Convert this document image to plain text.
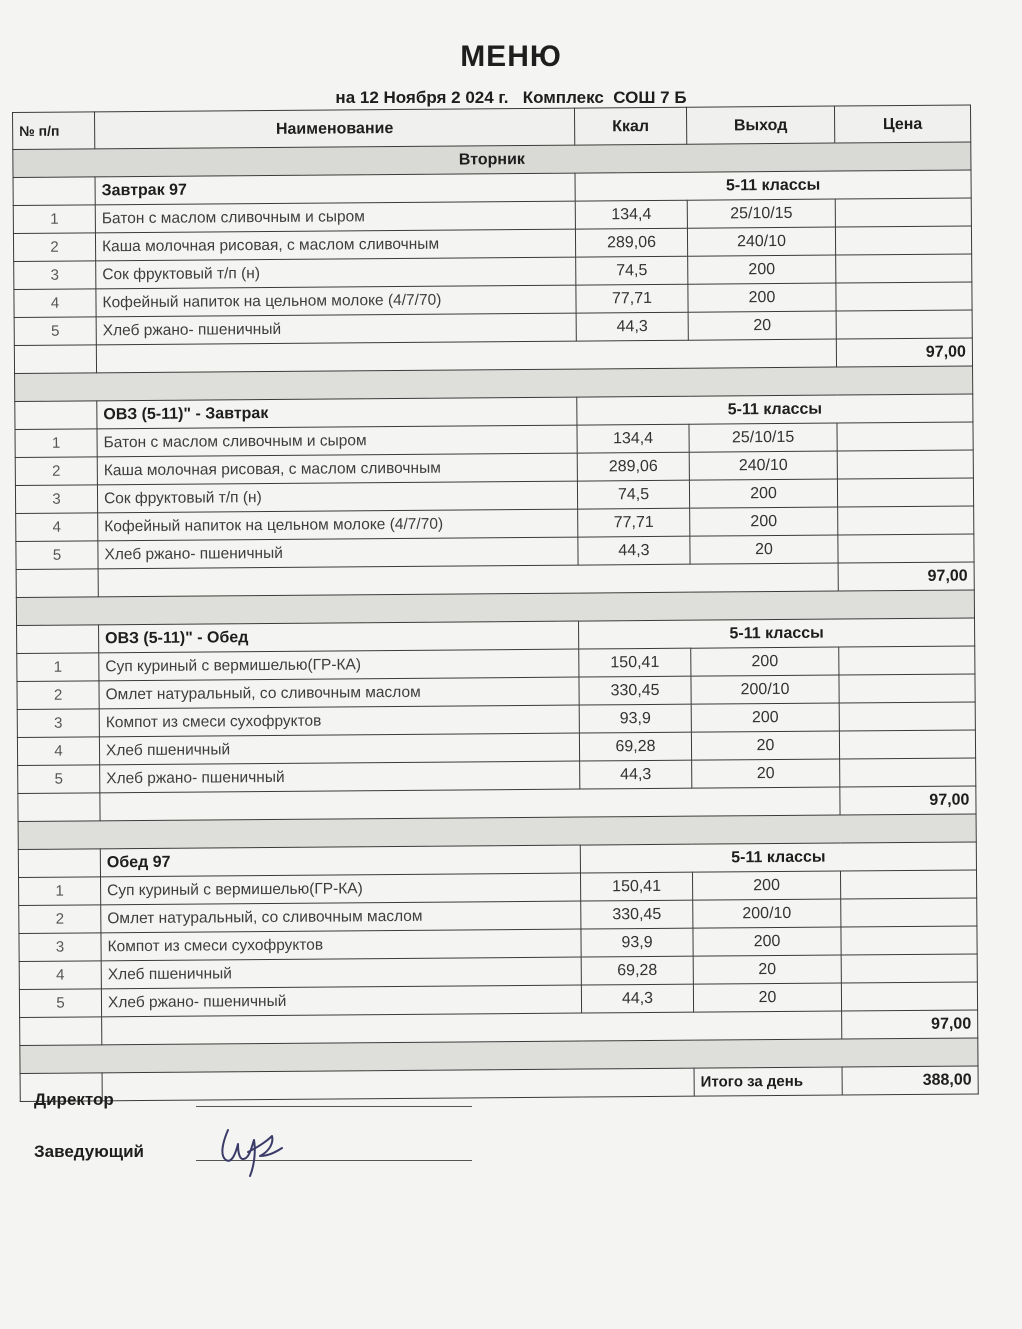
МЕНЮ
на 12 Ноября 2 024 г.   Комплекс  СОШ 7 Б
№ п/п	Наименование	Ккал	Выход	Цена
Вторник				
	Завтрак 97	5-11 классы		
1	Батон с маслом сливочным и сыром	134,4	25/10/15	
2	Каша молочная рисовая, с маслом сливочным	289,06	240/10	
3	Сок фруктовый т/п (н)	74,5	200	
4	Кофейный напиток на цельном молоке (4/7/70)	77,71	200	
5	Хлеб ржано- пшеничный	44,3	20	
				97,00

	ОВЗ (5-11)" - Завтрак	5-11 классы		
1	Батон с маслом сливочным и сыром	134,4	25/10/15	
2	Каша молочная рисовая, с маслом сливочным	289,06	240/10	
3	Сок фруктовый т/п (н)	74,5	200	
4	Кофейный напиток на цельном молоке (4/7/70)	77,71	200	
5	Хлеб ржано- пшеничный	44,3	20	
				97,00

	ОВЗ (5-11)" - Обед	5-11 классы		
1	Суп куриный с вермишелью(ГР-КА)	150,41	200	
2	Омлет натуральный, со сливочным маслом	330,45	200/10	
3	Компот из смеси сухофруктов	93,9	200	
4	Хлеб пшеничный	69,28	20	
5	Хлеб ржано- пшеничный	44,3	20	
				97,00

	Обед 97	5-11 классы		
1	Суп куриный с вермишелью(ГР-КА)	150,41	200	
2	Омлет натуральный, со сливочным маслом	330,45	200/10	
3	Компот из смеси сухофруктов	93,9	200	
4	Хлеб пшеничный	69,28	20	
5	Хлеб ржано- пшеничный	44,3	20	
				97,00

			Итого за день	388,00
Директор
Заведующий
